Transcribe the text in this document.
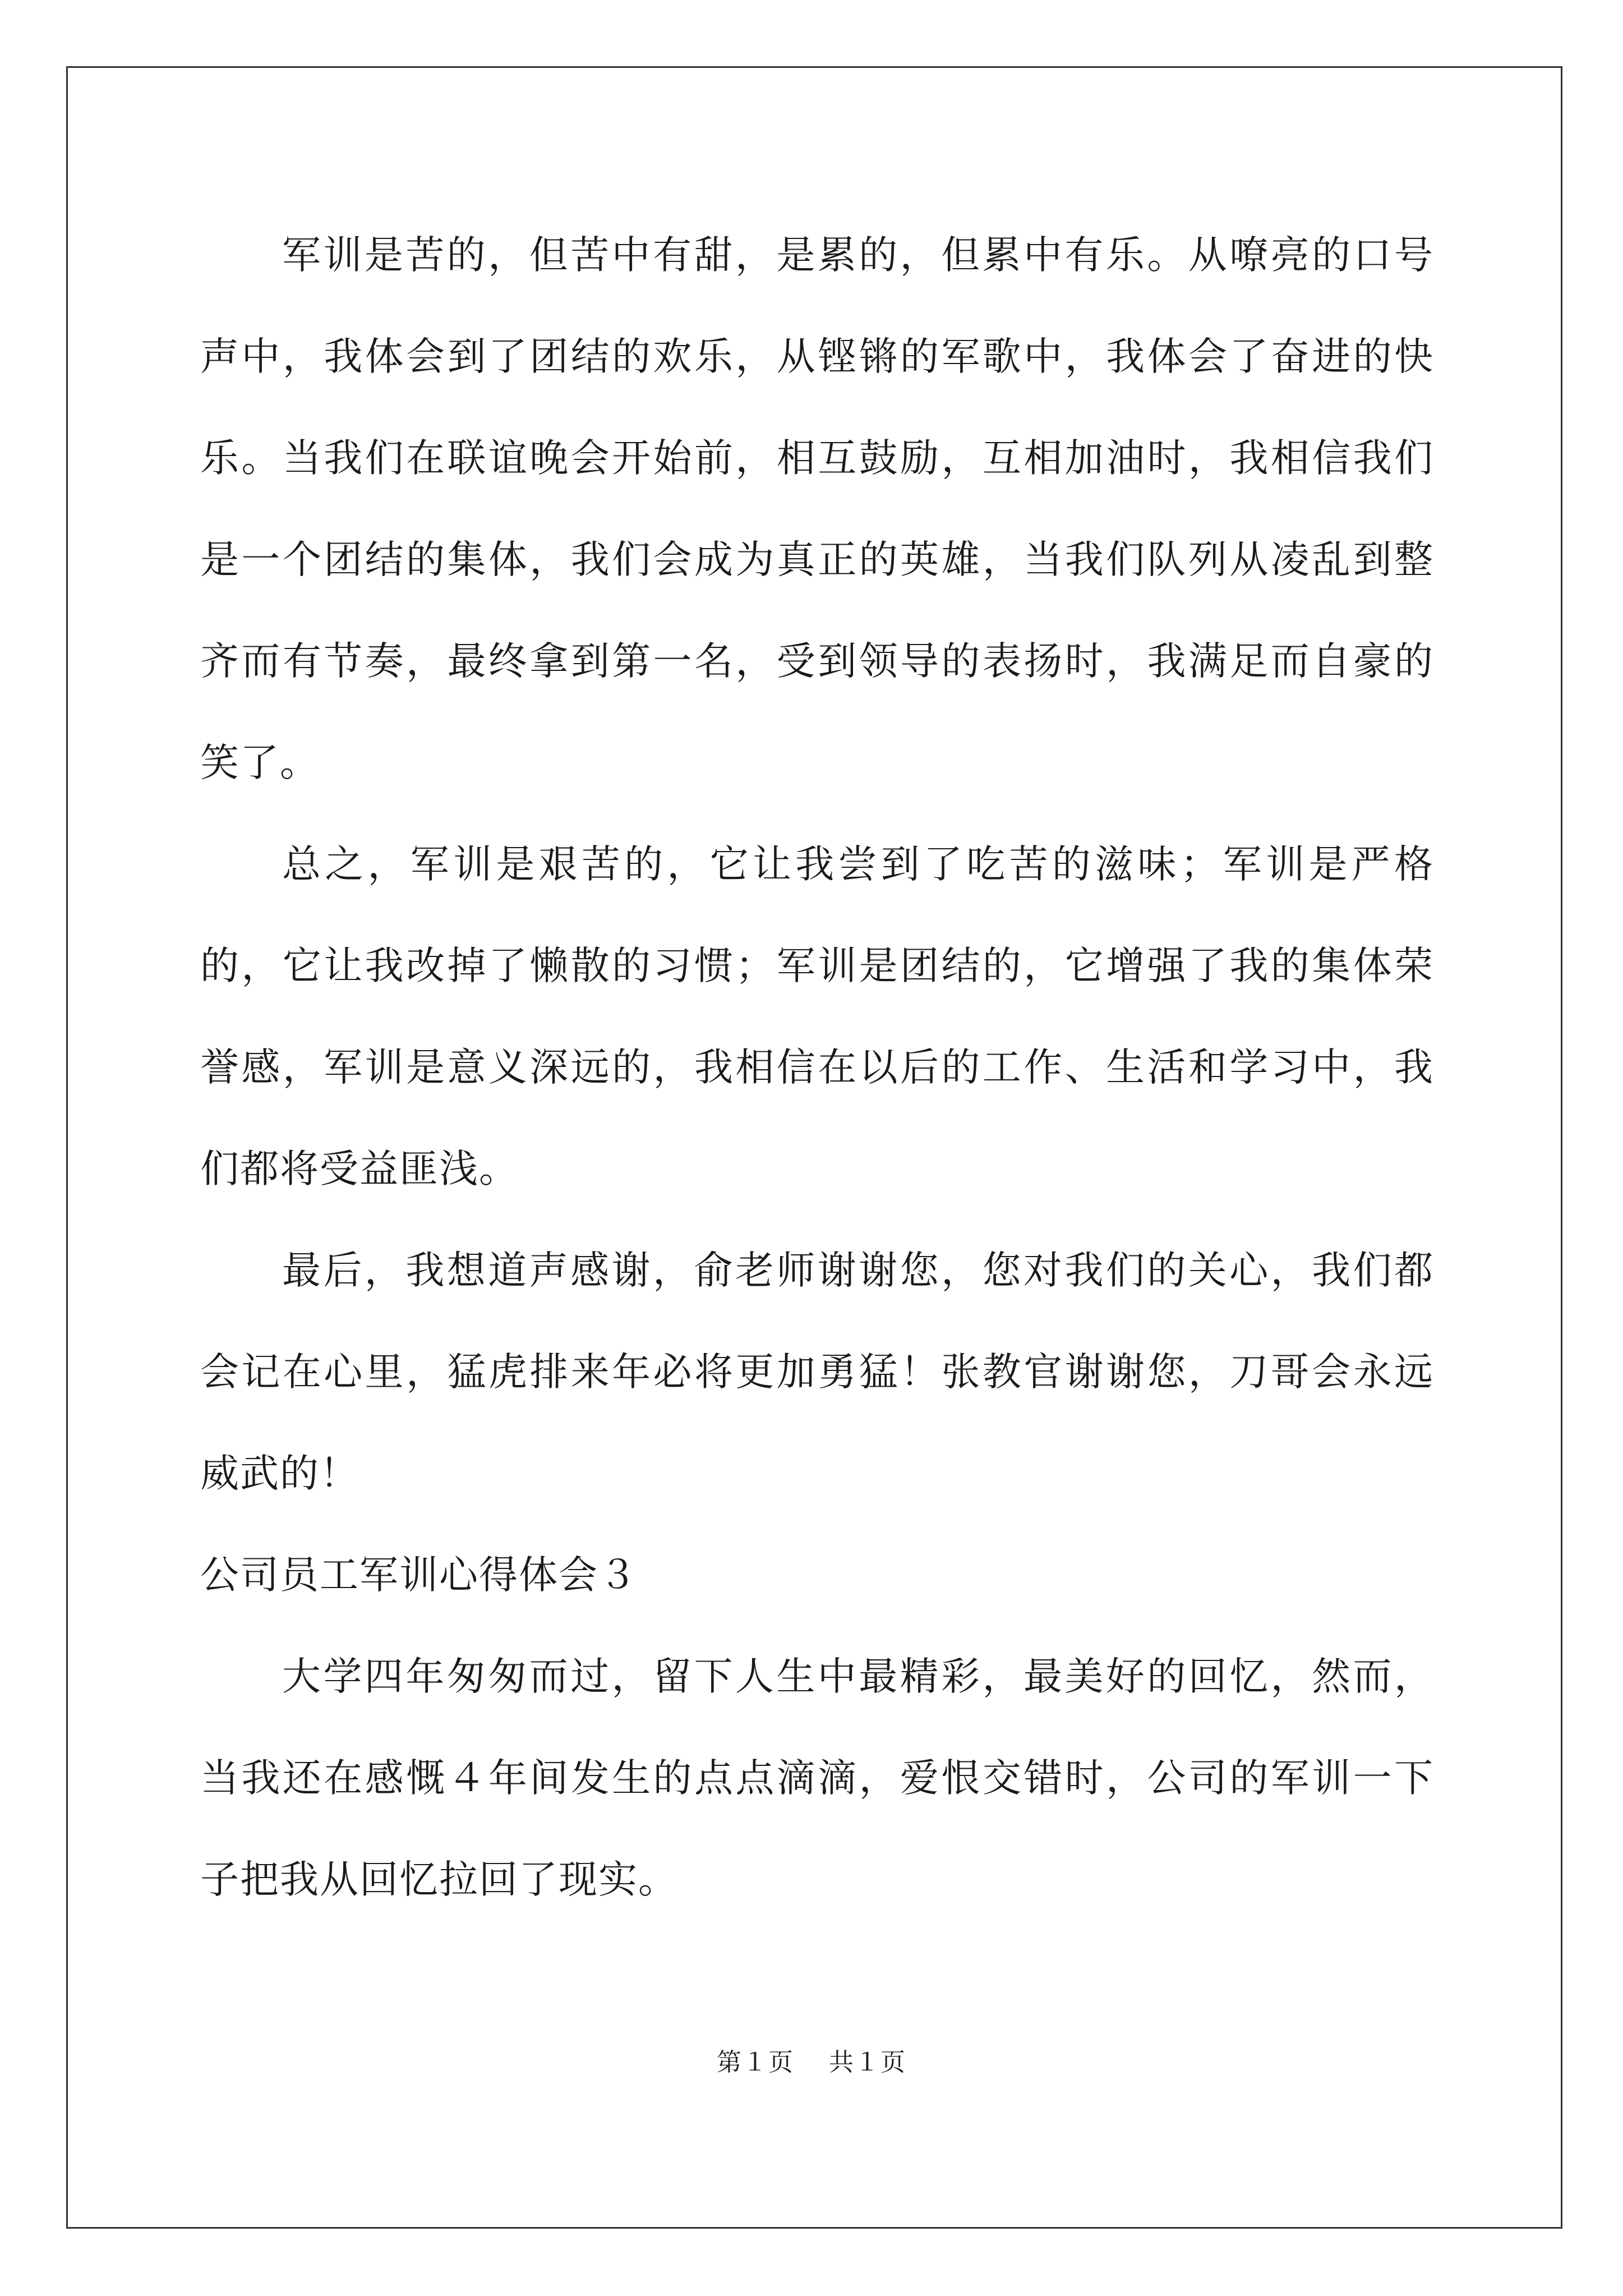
军训是苦的，但苦中有甜，是累的，但累中有乐。从嘹亮的口号声中，我体会到了团结的欢乐，从铿锵的军歌中，我体会了奋进的快乐。当我们在联谊晚会开始前，相互鼓励，互相加油时，我相信我们是一个团结的集体，我们会成为真正的英雄，当我们队列从凌乱到整齐而有节奏，最终拿到第一名，受到领导的表扬时，我满足而自豪的笑了。

总之，军训是艰苦的，它让我尝到了吃苦的滋味；军训是严格的，它让我改掉了懒散的习惯；军训是团结的，它增强了我的集体荣誉感，军训是意义深远的，我相信在以后的工作、生活和学习中，我们都将受益匪浅。

最后，我想道声感谢，俞老师谢谢您，您对我们的关心，我们都会记在心里，猛虎排来年必将更加勇猛！张教官谢谢您，刀哥会永远威武的！

公司员工军训心得体会３

大学四年匆匆而过，留下人生中最精彩，最美好的回忆，然而，当我还在感慨４年间发生的点点滴滴，爱恨交错时，公司的军训一下子把我从回忆拉回了现实。

第１页 共１页
